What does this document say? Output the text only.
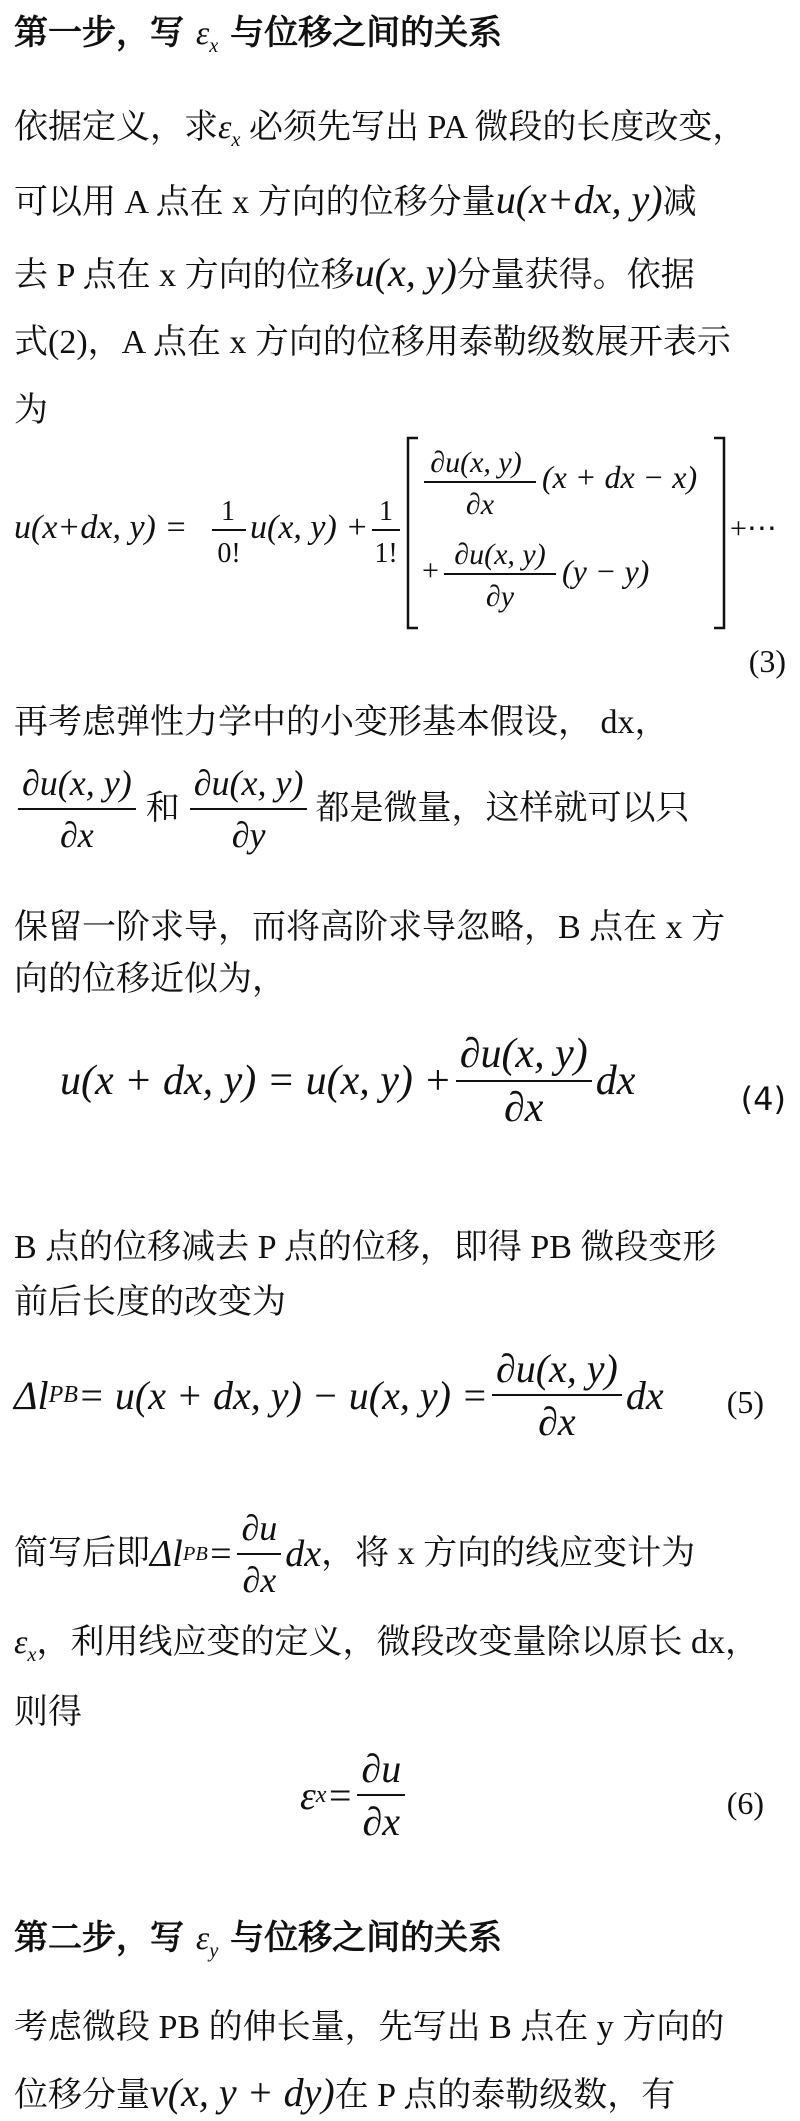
第一步，写 $\varepsilon_x$ 与位移之间的关系
依据定义，求$\varepsilon_x$ 必须先写出 PA 微段的长度改变，
可以用 A 点在 x 方向的位移分量u(x+dx, y)减
去 P 点在 x 方向的位移u(x, y)分量获得。依据
式(2)，A 点在 x 方向的位移用泰勒级数展开表示
为
u(x+dx, y) = 1
0!
u(x, y) + 1
1!
∂u(x, y)
∂x
(x + dx − x)
+ ∂u(x, y)
∂y
(y − y)
+⋯
(3)
再考虑弹性力学中的小变形基本假设， dx，
$\frac{\partial u(x, y)}{\partial x}$ 和 $\frac{\partial u(x, y)}{\partial y}$ 都是微量，这样就可以只
保留一阶求导，而将高阶求导忽略，B 点在 x 方
向的位移近似为，
u(x + dx, y) = u(x, $y) + \frac{\partial u(x, y)}{\partial x}$ dx	(4)
B 点的位移减去 P 点的位移，即得 PB 微段变形
前后长度的改变为
Δl PB = u(x + dx, y) − u(x, $y) = \frac{\partial u(x, y)}{\partial x}$ dx (5)
简写后即 Δl PB = $\frac{\partial u}{\partial x}$ dx ，将 x 方向的线应变计为
$\varepsilon_x$，利用线应变的定义，微段改变量除以原长 dx，
则得
ε $x = \frac{\partial u}{\partial x}$	(6)
第二步，写 $\varepsilon_y$ 与位移之间的关系
考虑微段 PB 的伸长量，先写出 B 点在 y 方向的
位移分量v(x, y + dy)在 P 点的泰勒级数，有
